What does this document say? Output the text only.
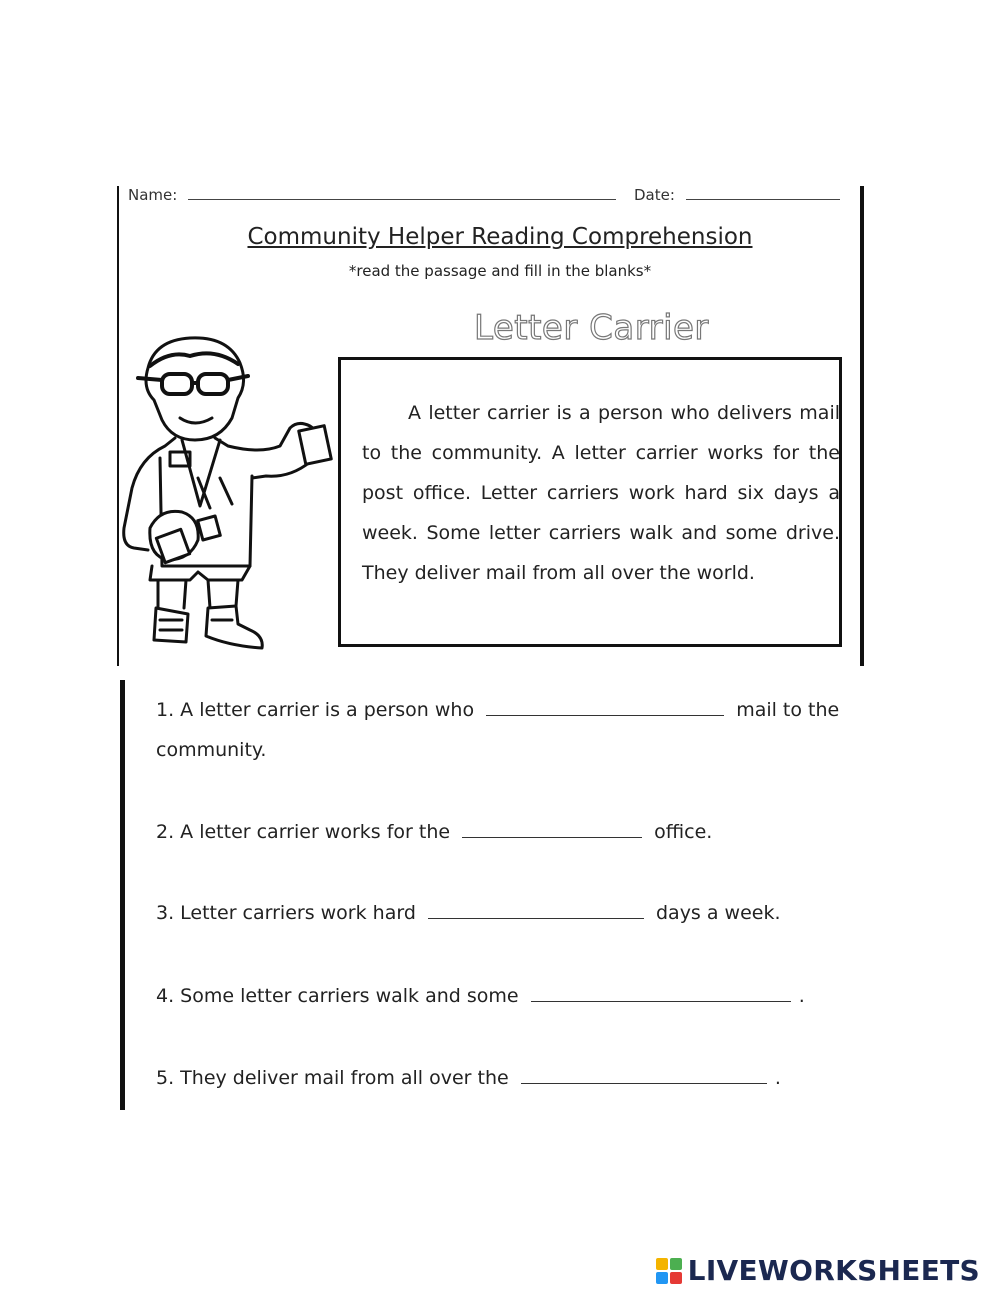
Name:	Date:
Community Helper Reading Comprehension
*read the passage and fill in the blanks*
Letter Carrier
A letter carrier is a person who delivers mail to the community. A letter carrier works for the post office. Letter carriers work hard six days a week. Some letter carriers walk and some drive. They deliver mail from all over the world.
1. A letter carrier is a person who	mail to the community.
2. A letter carrier works for the	office.
3. Letter carriers work hard	days a week.
4. Some letter carriers walk and some	.
5. They deliver mail from all over the	.
LIVEWORKSHEETS
